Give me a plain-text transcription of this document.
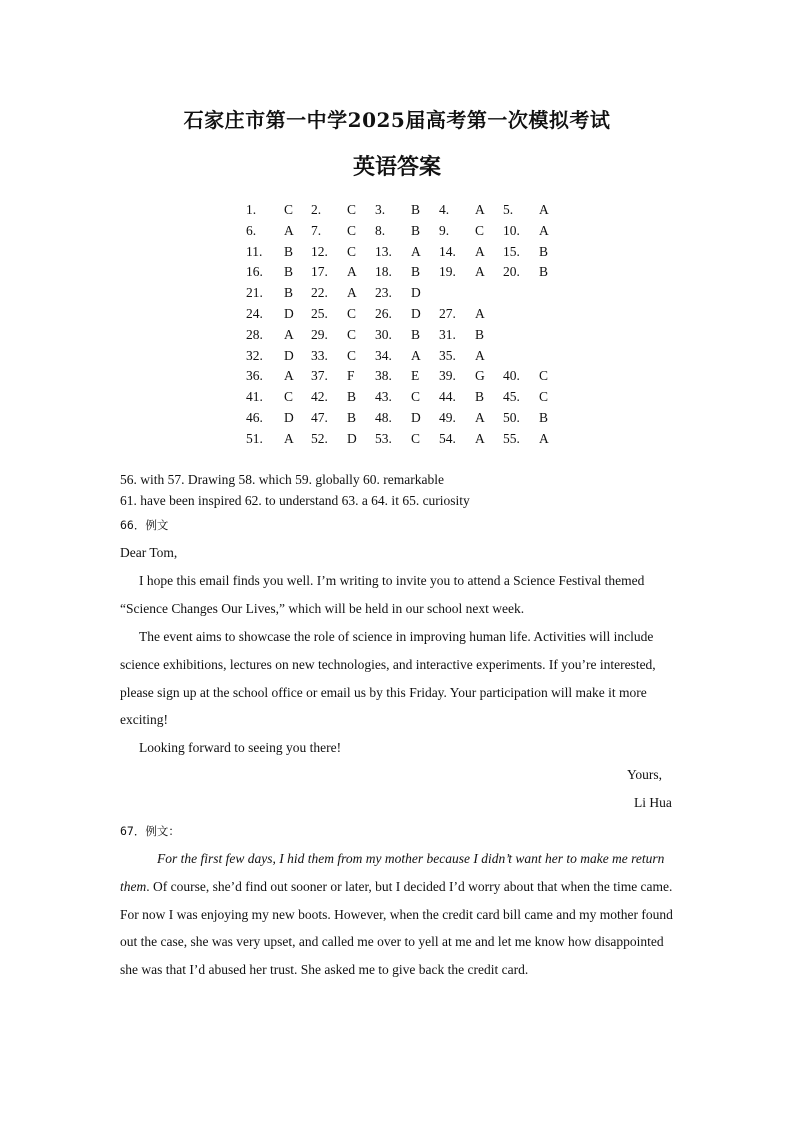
石家庄市第一中学2025届高考第一次模拟考试
英语答案
1. C 2. C 3. B 4. A 5. A
6. A 7. C 8. B 9. C 10. A
11. B 12. C 13. A 14. A 15. B
16. B 17. A 18. B 19. A 20. B
21. B 22. A 23. D
24. D 25. C 26. D 27. A
28. A 29. C 30. B 31. B
32. D 33. C 34. A 35. A
36. A 37. F 38. E 39. G 40. C
41. C 42. B 43. C 44. B 45. C
46. D 47. B 48. D 49. A 50. B
51. A 52. D 53. C 54. A 55. A
56. with 57. Drawing 58. which 59. globally 60. remarkable
61. have been inspired 62. to understand 63. a 64. it 65. curiosity
66．例文
Dear Tom,
I hope this email finds you well. I’m writing to invite you to attend a Science Festival themed “Science Changes Our Lives,” which will be held in our school next week.
The event aims to showcase the role of science in improving human life. Activities will include science exhibitions, lectures on new technologies, and interactive experiments. If you’re interested, please sign up at the school office or email us by this Friday. Your participation will make it more exciting!
Looking forward to seeing you there!
Yours,
Li Hua
67．例文：
For the first few days, I hid them from my mother because I didn’t want her to make me return them. Of course, she’d find out sooner or later, but I decided I’d worry about that when the time came. For now I was enjoying my new boots. However, when the credit card bill came and my mother found out the case, she was very upset, and called me over to yell at me and let me know how disappointed she was that I’d abused her trust. She asked me to give back the credit card.
